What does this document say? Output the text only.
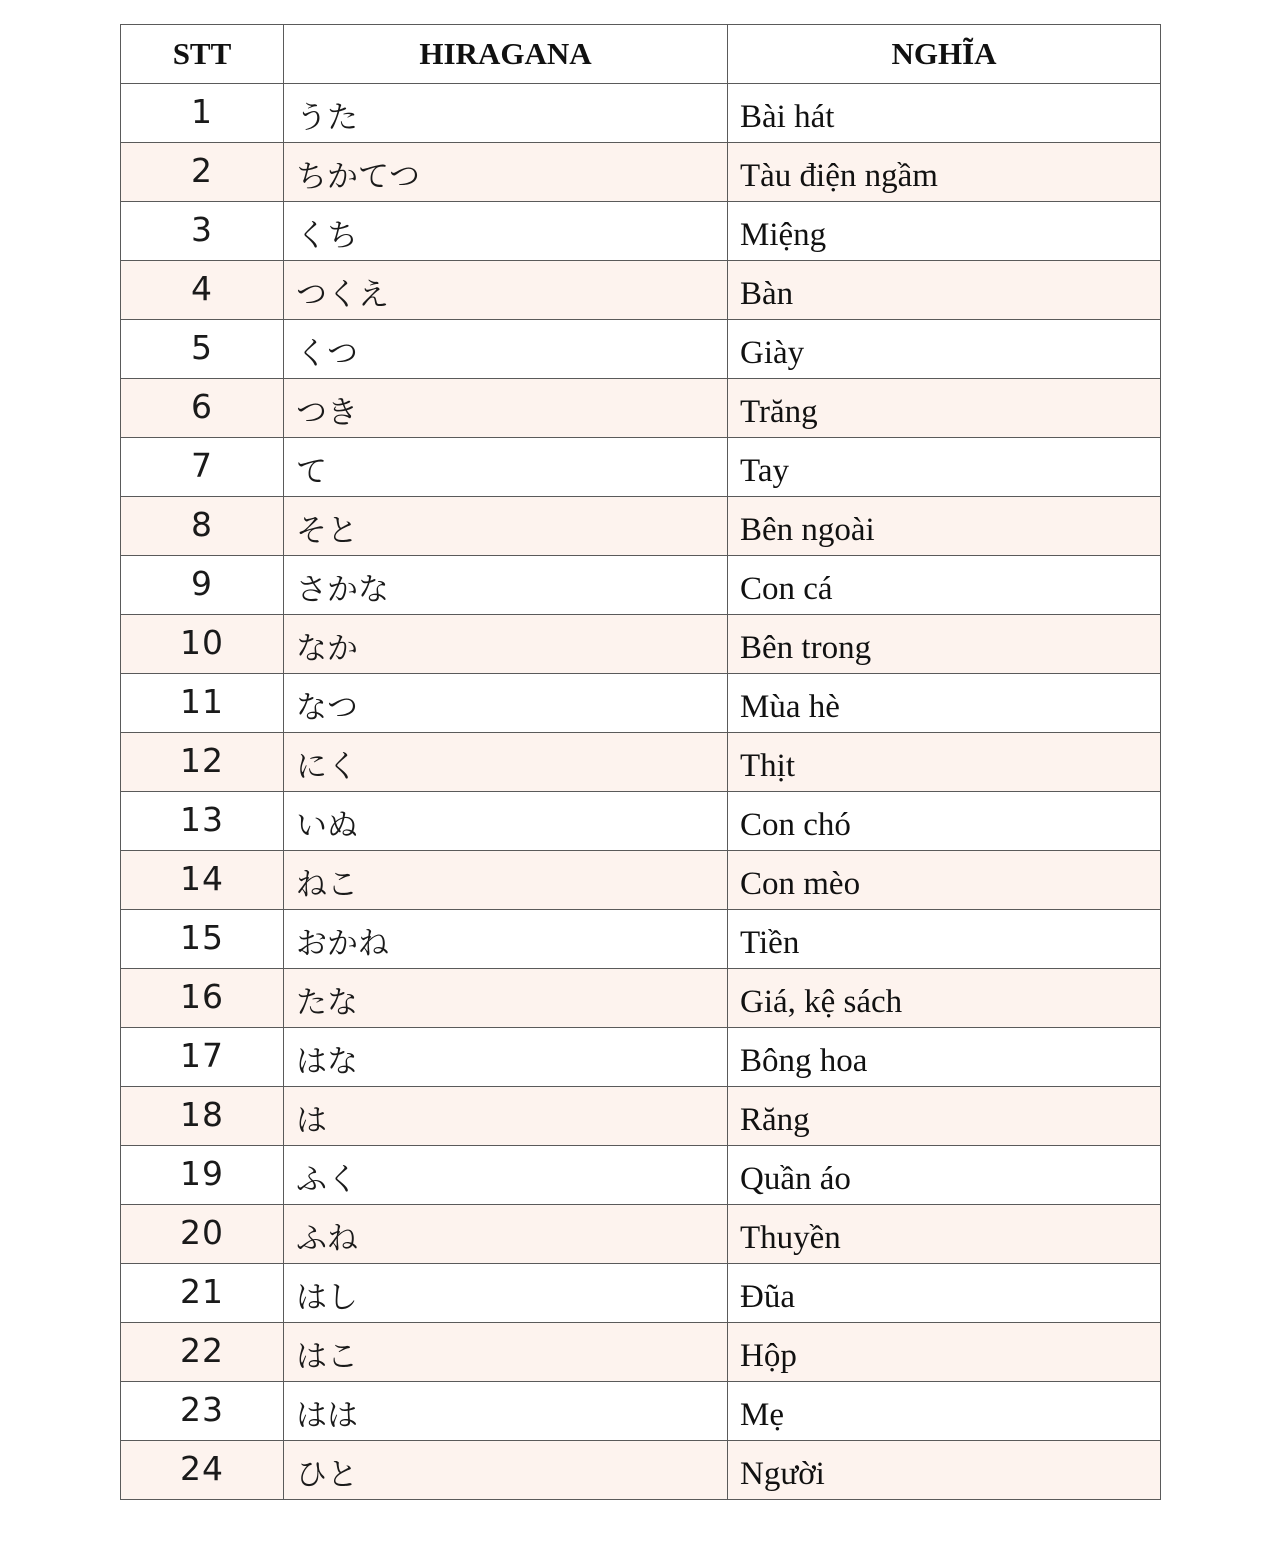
STT	HIRAGANA	NGHĨA
1	うた	Bài hát
2	ちかてつ	Tàu điện ngầm
3	くち	Miệng
4	つくえ	Bàn
5	くつ	Giày
6	つき	Trăng
7	て	Tay
8	そと	Bên ngoài
9	さかな	Con cá
10	なか	Bên trong
11	なつ	Mùa hè
12	にく	Thịt
13	いぬ	Con chó
14	ねこ	Con mèo
15	おかね	Tiền
16	たな	Giá, kệ sách
17	はな	Bông hoa
18	は	Răng
19	ふく	Quần áo
20	ふね	Thuyền
21	はし	Đũa
22	はこ	Hộp
23	はは	Mẹ
24	ひと	Người
